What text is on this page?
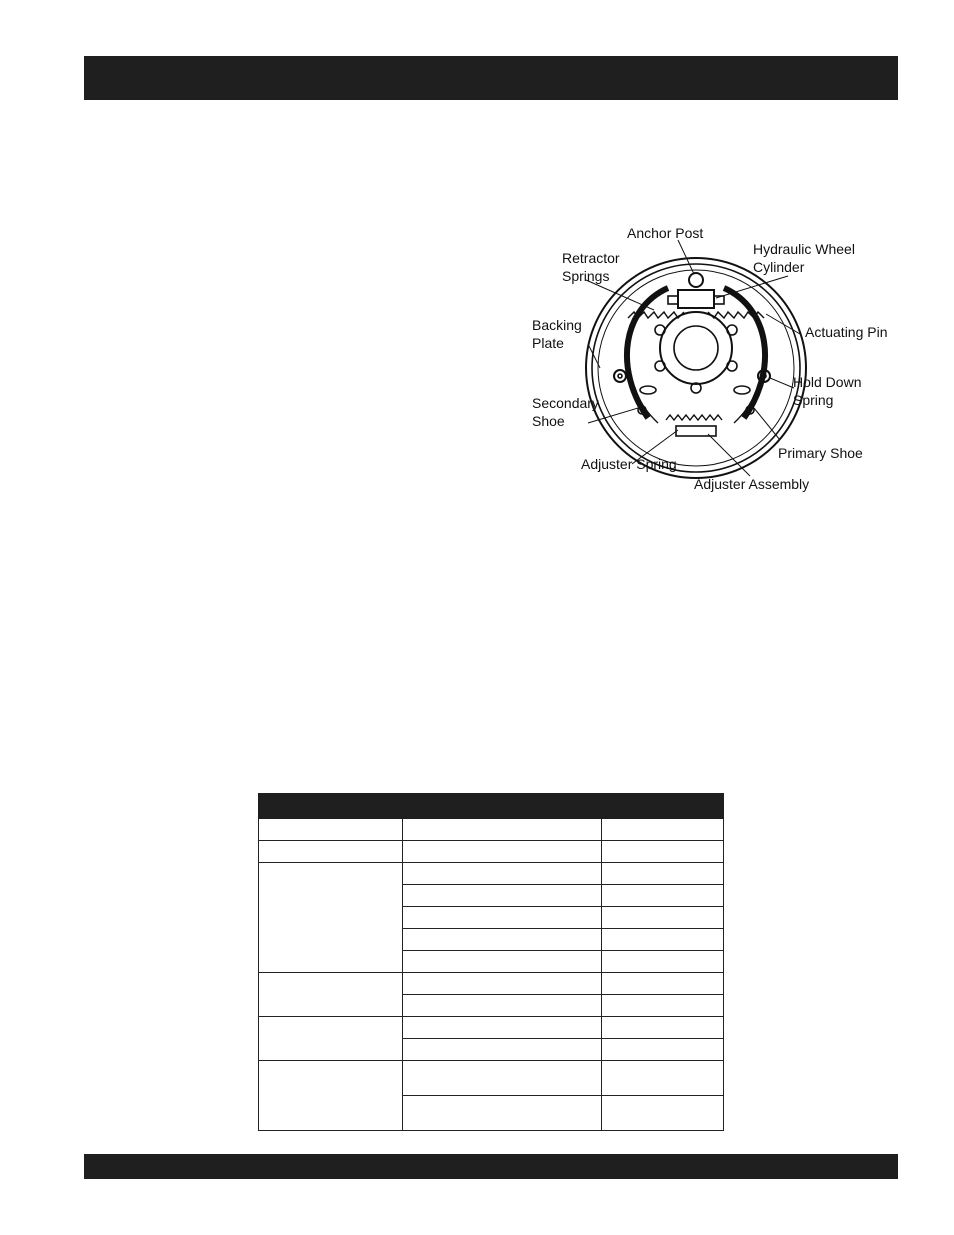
Anchor Post
Hydraulic Wheel
Cylinder
Retractor
Springs
Actuating Pin
Backing
Plate
Hold Down
Spring
Secondary
Shoe
Primary Shoe
Adjuster Spring
Adjuster Assembly
